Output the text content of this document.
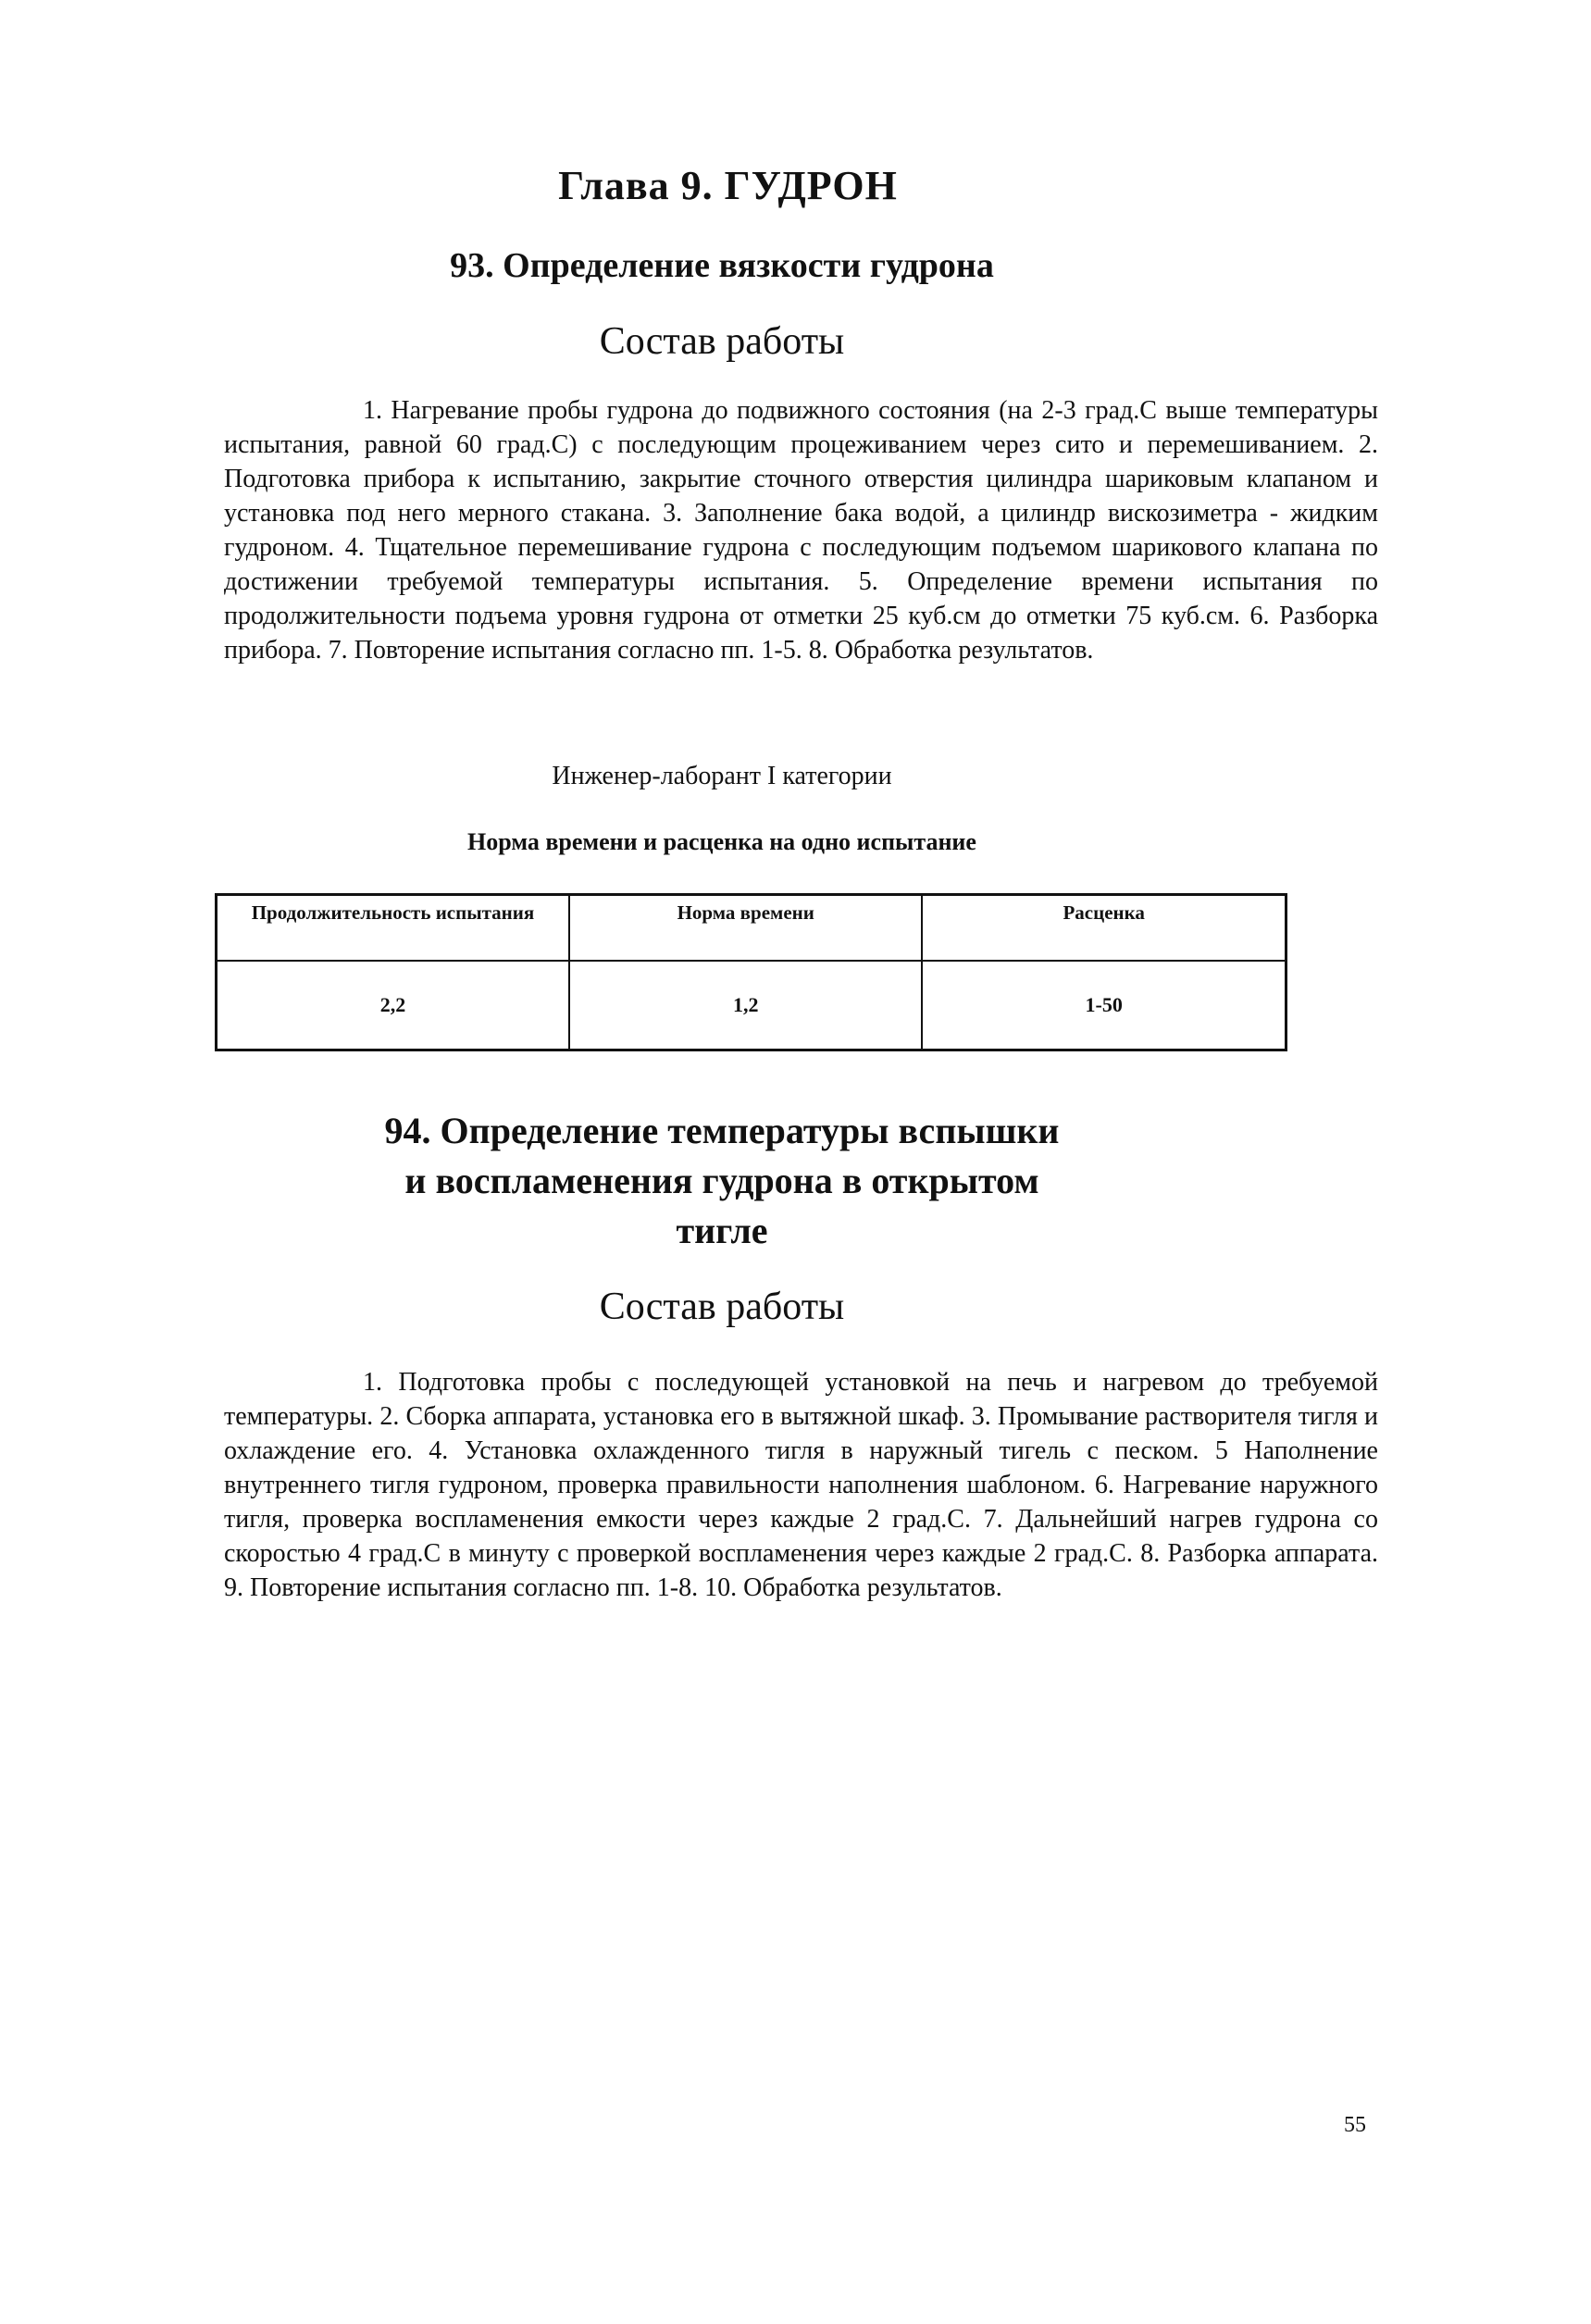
Глава 9. ГУДРОН
93. Определение вязкости гудрона
Состав работы
1. Нагревание пробы гудрона до подвижного состояния (на 2-3 град.С выше температуры испытания, равной 60 град.С) с последующим процеживанием через сито и перемешиванием. 2. Подготовка прибора к испытанию, закрытие сточного отверстия цилиндра шариковым клапаном и установка под него мерного стакана. 3. Заполнение бака водой, а цилиндр вискозиметра - жидким гудроном. 4. Тщательное перемешивание гудрона с последующим подъемом шарикового клапана по достижении требуемой температуры испытания. 5. Определение времени испытания по продолжительности подъема уровня гудрона от отметки 25 куб.см до отметки 75 куб.см. 6. Разборка прибора. 7. Повторение испытания согласно пп. 1-5. 8. Обработка результатов.
Инженер-лаборант I категории
Норма времени и расценка на одно испытание
Продолжительность испытания	Норма времени	Расценка
2,2	1,2	1-50
94. Определение температуры вспышки
и воспламенения гудрона в открытом
тигле
Состав работы
1. Подготовка пробы с последующей установкой на печь и нагревом до требуемой температуры. 2. Сборка аппарата, установка его в вытяжной шкаф. 3. Промывание растворителя тигля и охлаждение его. 4. Установка охлажденного тигля в наружный тигель с песком. 5 Наполнение внутреннего тигля гудроном, проверка правильности наполнения шаблоном. 6. Нагревание наружного тигля, проверка воспламенения емкости через каждые 2 град.С. 7. Дальнейший нагрев гудрона со скоростью 4 град.С в минуту с проверкой воспламенения через каждые 2 град.С. 8. Разборка аппарата. 9. Повторение испытания согласно пп. 1-8. 10. Обработка результатов.
55
